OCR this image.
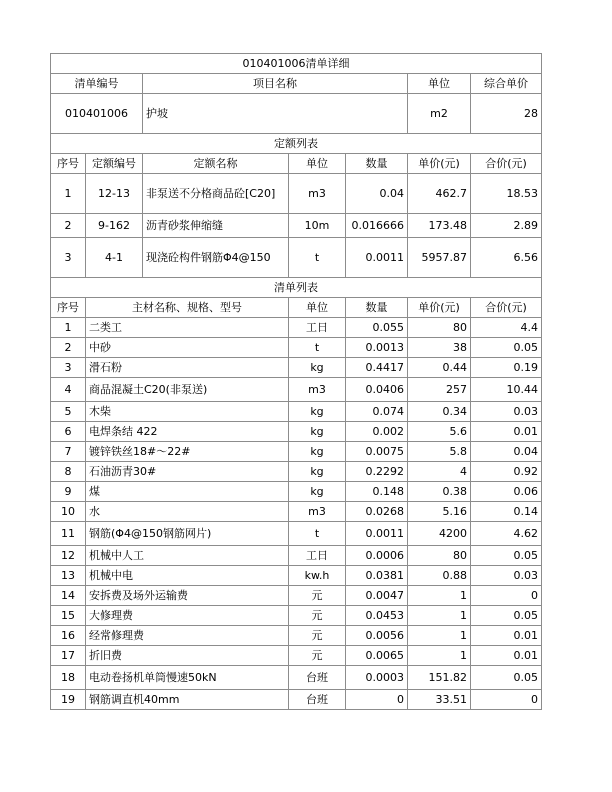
010401006清单详细						
清单编号		项目名称			单位	综合单价
010401006		护坡			m2	28
定额列表						
序号	定额编号	定额名称	单位	数量	单价(元)	合价(元)
1	12-13	非泵送不分格商品砼[C20]	m3	0.04	462.7	18.53
2	9-162	沥青砂浆伸缩缝	10m	0.016666	173.48	2.89
3	4-1	现浇砼构件钢筋Φ4@150	t	0.0011	5957.87	6.56
清单列表						
序号	主材名称、规格、型号		单位	数量	单价(元)	合价(元)
1	二类工		工日	0.055	80	4.4
2	中砂		t	0.0013	38	0.05
3	滑石粉		kg	0.4417	0.44	0.19
4	商品混凝土C20(非泵送)		m3	0.0406	257	10.44
5	木柴		kg	0.074	0.34	0.03
6	电焊条结 422		kg	0.002	5.6	0.01
7	镀锌铁丝18#～22#		kg	0.0075	5.8	0.04
8	石油沥青30#		kg	0.2292	4	0.92
9	煤		kg	0.148	0.38	0.06
10	水		m3	0.0268	5.16	0.14
11	钢筋(Φ4@150钢筋网片)		t	0.0011	4200	4.62
12	机械中人工		工日	0.0006	80	0.05
13	机械中电		kw.h	0.0381	0.88	0.03
14	安拆费及场外运输费		元	0.0047	1	0
15	大修理费		元	0.0453	1	0.05
16	经常修理费		元	0.0056	1	0.01
17	折旧费		元	0.0065	1	0.01
18	电动卷扬机单筒慢速50kN		台班	0.0003	151.82	0.05
19	钢筋调直机40mm		台班	0	33.51	0
